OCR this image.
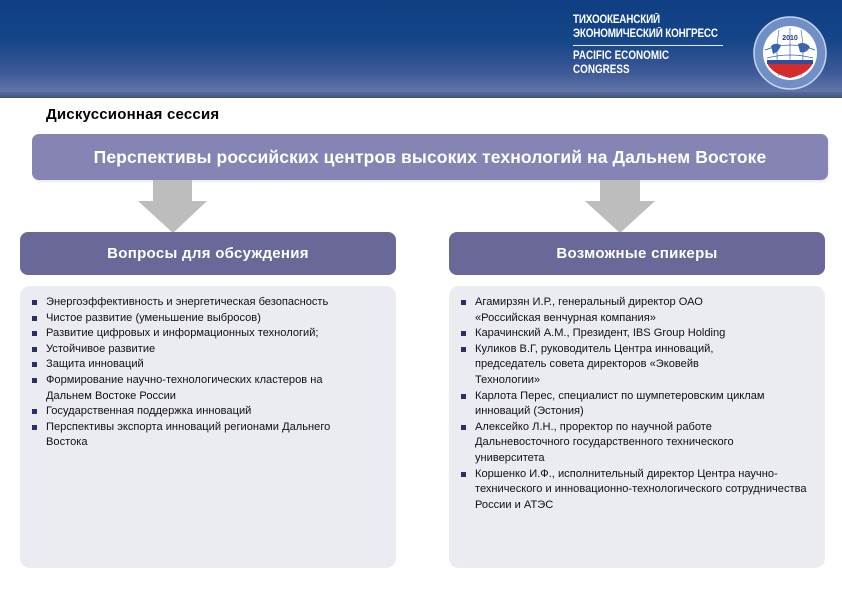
ТИХООКЕАНСКИЙ
ЭКОНОМИЧЕСКИЙ КОНГРЕСС
PACIFIC ECONOMIC
CONGRESS
2010
Дискуссионная сессия
Перспективы российских центров высоких технологий на Дальнем Востоке
Вопросы для обсуждения	Возможные спикеры
Энергоэффективность и энергетическая безопасность
Чистое развитие (уменьшение выбросов)
Развитие цифровых и информационных технологий;
Устойчивое развитие
Защита инноваций
Формирование научно-технологических кластеров на Дальнем Востоке России
Государственная поддержка инноваций
Перспективы экспорта инноваций регионами Дальнего Востока
Агамирзян И.Р., генеральный директор ОАО «Российская венчурная компания»
Карачинский А.М., Президент, IBS Group Holding
Куликов В.Г, руководитель Центра инноваций, председатель совета директоров «Эковейв Технологии»
Карлота Перес, специалист по шумпетеровским циклам инноваций (Эстония)
Алексейко Л.Н., проректор по научной работе Дальневосточного государственного технического университета
Коршенко И.Ф., исполнительный директор Центра научно-технического и инновационно-технологического сотрудничества России и АТЭС
